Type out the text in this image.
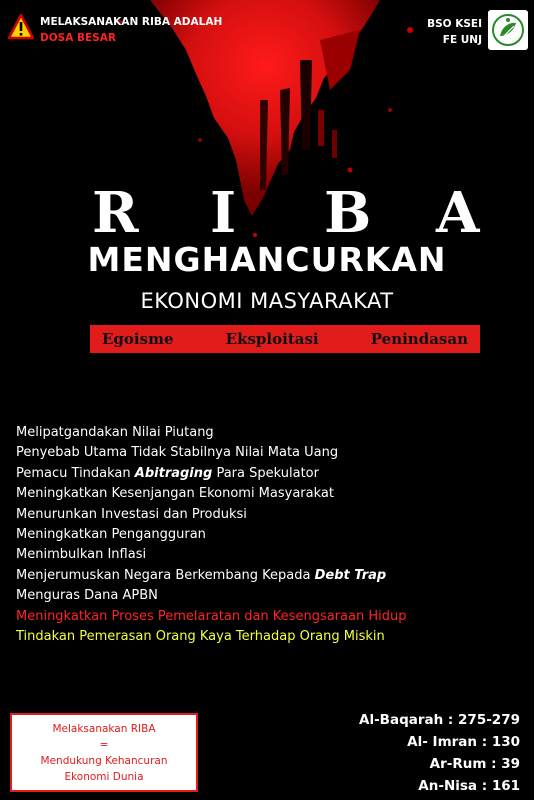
MELAKSANAKAN RIBA ADALAH
DOSA BESAR
BSO KSEI
FE UNJ
R I B A
MENGHANCURKAN
EKONOMI MASYARAKAT
Egoisme	Eksploitasi	Penindasan
Melipatgandakan Nilai Piutang
Penyebab Utama Tidak Stabilnya Nilai Mata Uang
Pemacu Tindakan Abitraging Para Spekulator
Meningkatkan Kesenjangan Ekonomi Masyarakat
Menurunkan Investasi dan Produksi
Meningkatkan Pengangguran
Menimbulkan Inflasi
Menjerumuskan Negara Berkembang Kepada Debt Trap
Menguras Dana APBN
Meningkatkan Proses Pemelaratan dan Kesengsaraan Hidup
Tindakan Pemerasan Orang Kaya Terhadap Orang Miskin
Melaksanakan RIBA
=
Mendukung Kehancuran
Ekonomi Dunia
Al-Baqarah : 275-279
Al- Imran : 130
Ar-Rum : 39
An-Nisa : 161
